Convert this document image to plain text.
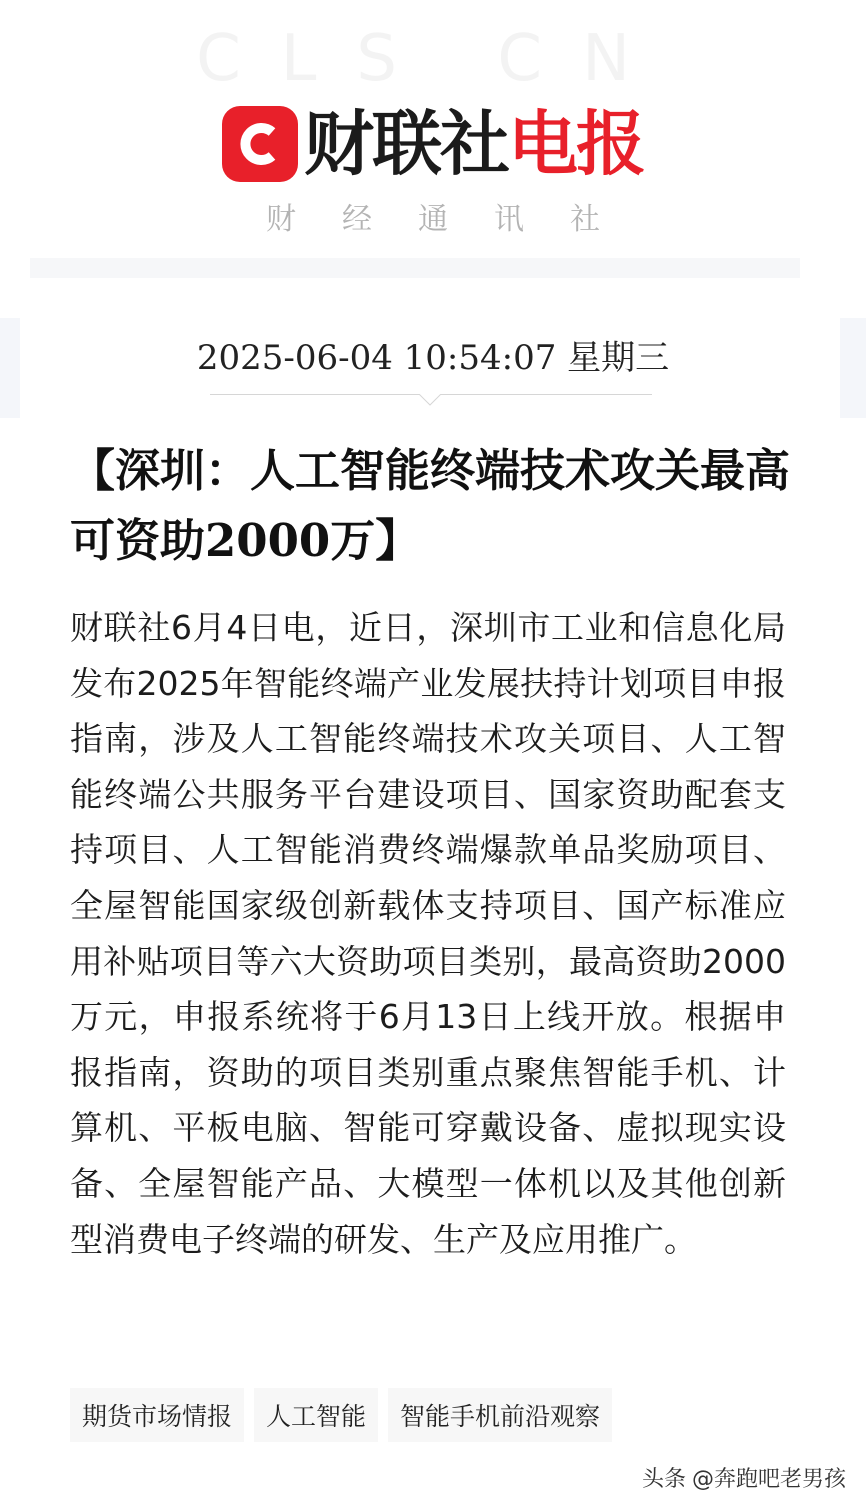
CLS CN
财联社 电报
财经通讯社
2025-06-04 10:54:07 星期三
【深圳：人工智能终端技术攻关最高可资助2000万】

财联社6月4日电，近日，深圳市工业和信息化局发布2025年智能终端产业发展扶持计划项目申报指南，涉及人工智能终端技术攻关项目、人工智能终端公共服务平台建设项目、国家资助配套支持项目、人工智能消费终端爆款单品奖励项目、全屋智能国家级创新载体支持项目、国产标准应用补贴项目等六大资助项目类别，最高资助2000万元，申报系统将于6月13日上线开放。根据申报指南，资助的项目类别重点聚焦智能手机、计算机、平板电脑、智能可穿戴设备、虚拟现实设备、全屋智能产品、大模型一体机以及其他创新型消费电子终端的研发、生产及应用推广。

期货市场情报	人工智能	智能手机前沿观察
头条 @奔跑吧老男孩
